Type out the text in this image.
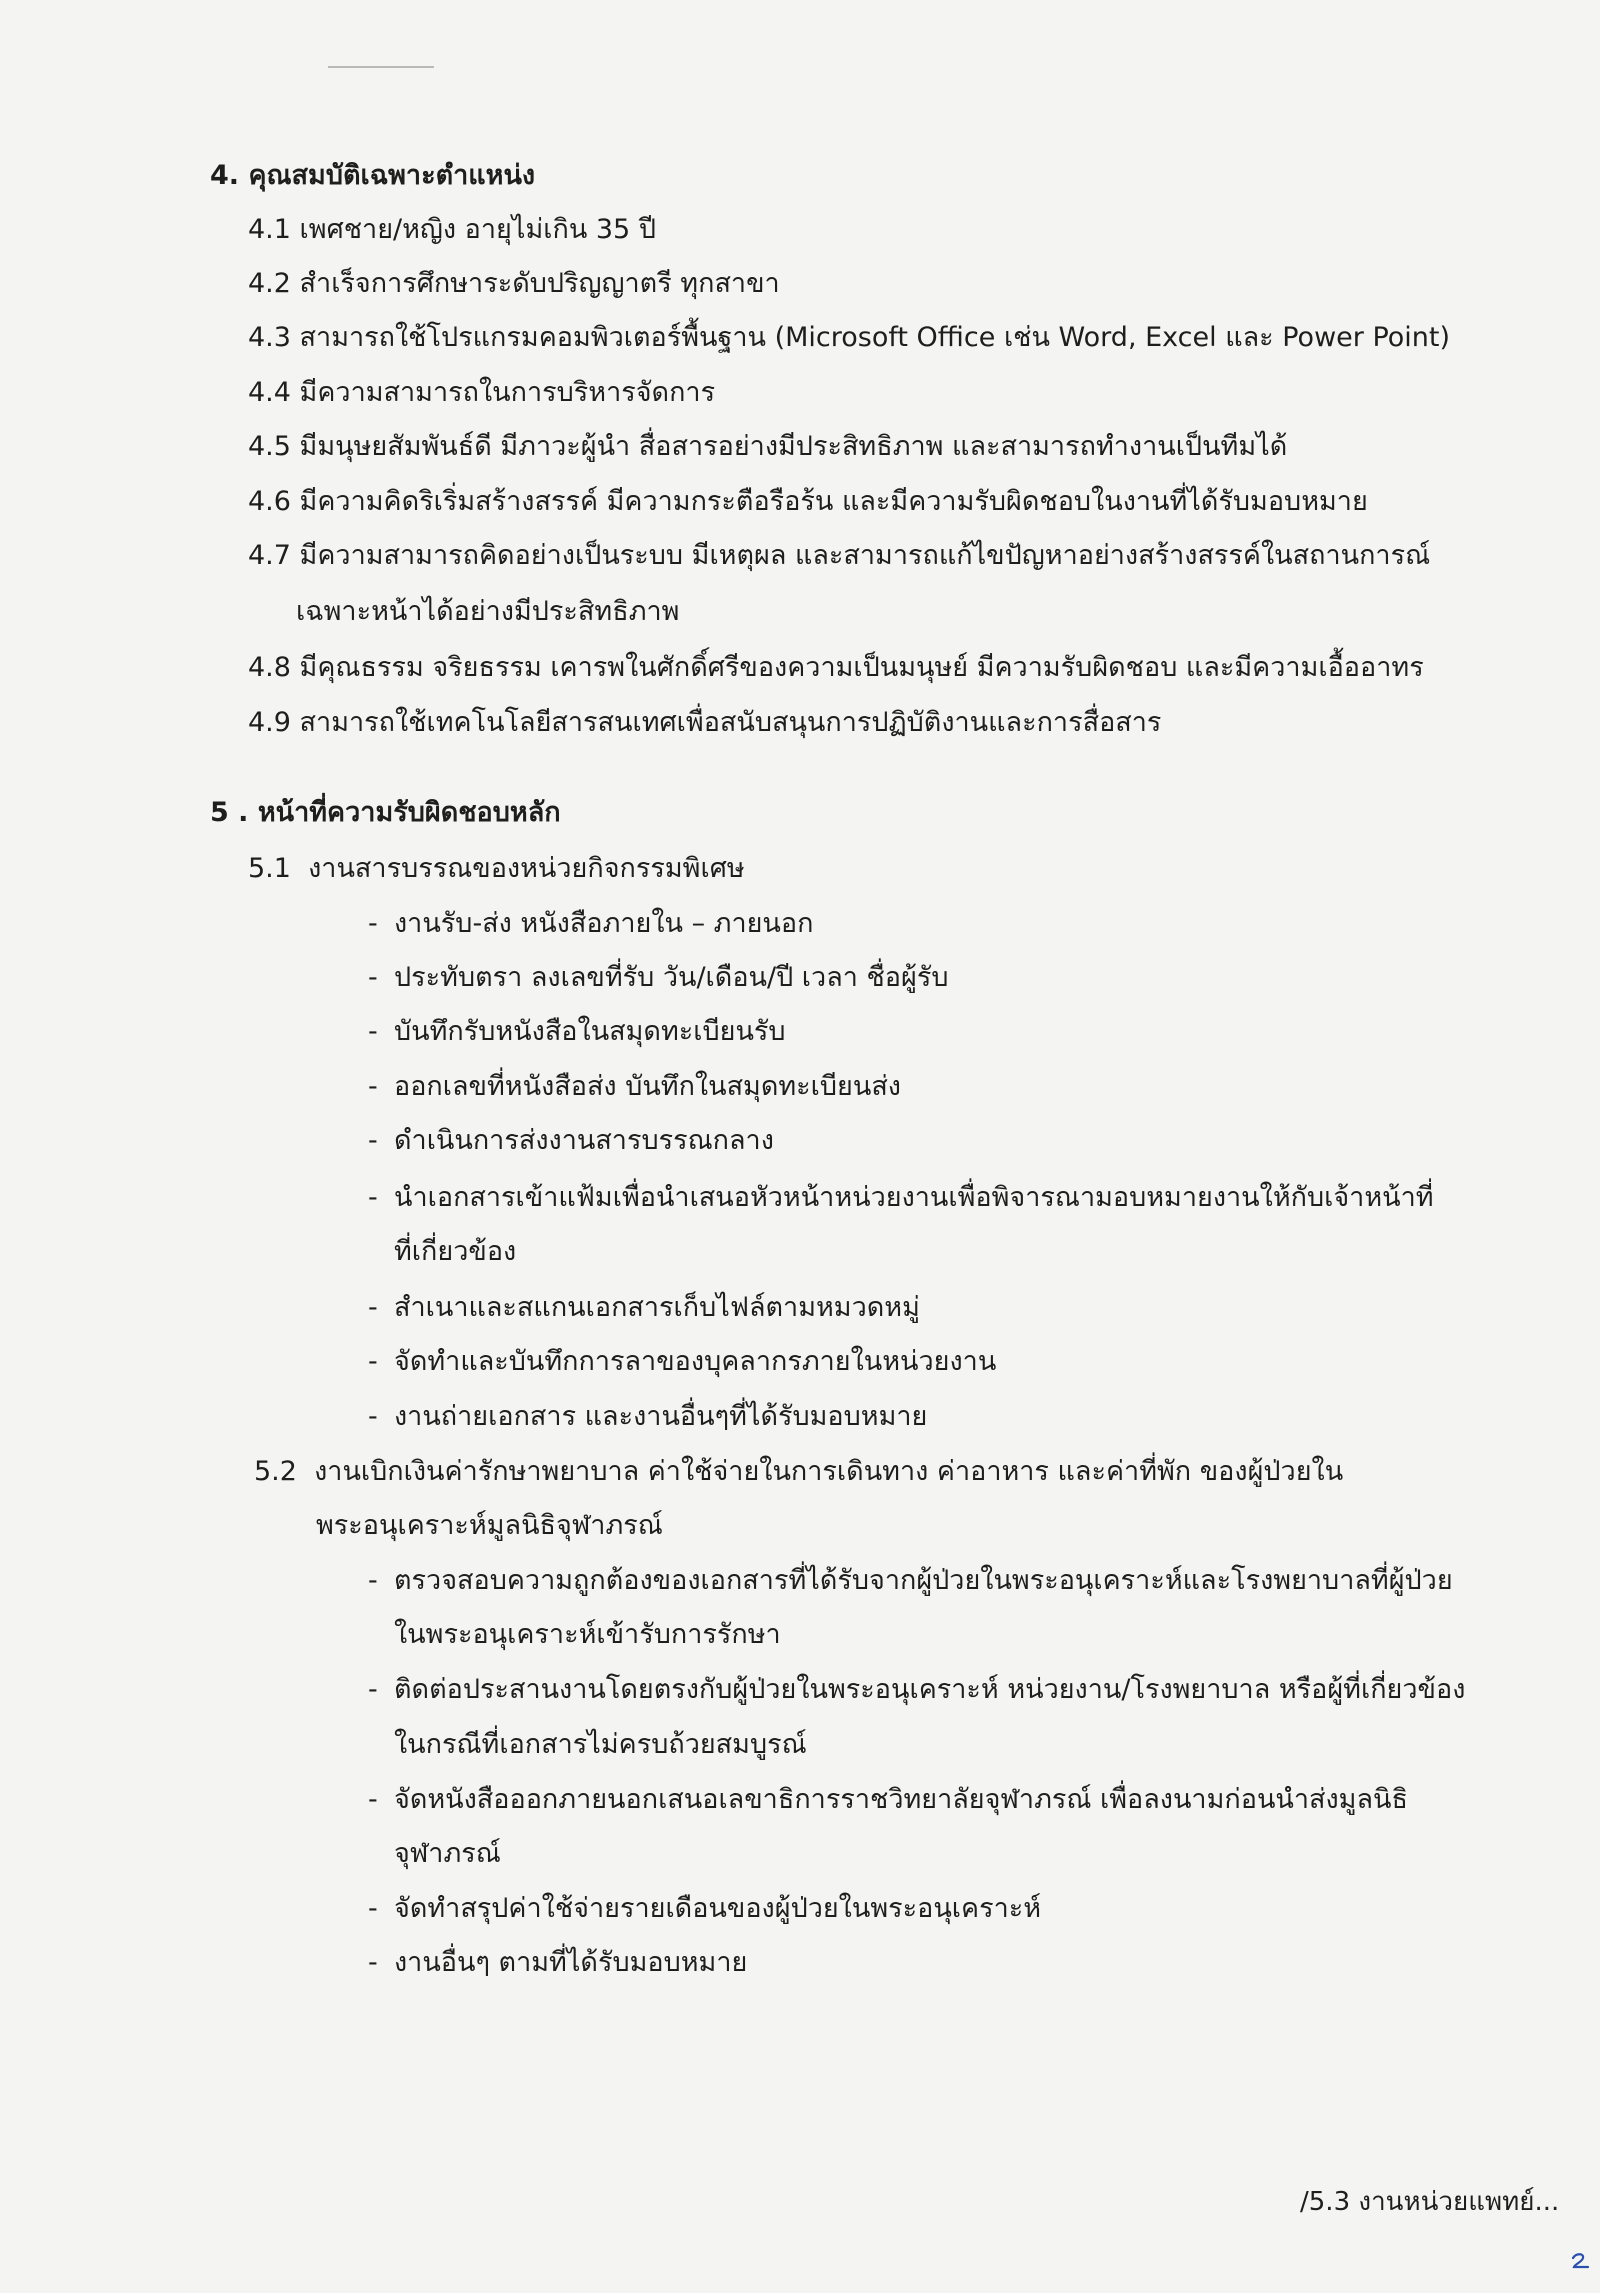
4. คุณสมบัติเฉพาะตำแหน่ง
4.1 เพศชาย/หญิง อายุไม่เกิน 35 ปี
4.2 สำเร็จการศึกษาระดับปริญญาตรี ทุกสาขา
4.3 สามารถใช้โปรแกรมคอมพิวเตอร์พื้นฐาน (Microsoft Office เช่น Word, Excel และ Power Point)
4.4 มีความสามารถในการบริหารจัดการ
4.5 มีมนุษยสัมพันธ์ดี มีภาวะผู้นำ สื่อสารอย่างมีประสิทธิภาพ และสามารถทำงานเป็นทีมได้
4.6 มีความคิดริเริ่มสร้างสรรค์ มีความกระตือรือร้น และมีความรับผิดชอบในงานที่ได้รับมอบหมาย
4.7 มีความสามารถคิดอย่างเป็นระบบ มีเหตุผล และสามารถแก้ไขปัญหาอย่างสร้างสรรค์ในสถานการณ์
เฉพาะหน้าได้อย่างมีประสิทธิภาพ
4.8 มีคุณธรรม จริยธรรม เคารพในศักดิ์ศรีของความเป็นมนุษย์ มีความรับผิดชอบ และมีความเอื้ออาทร
4.9 สามารถใช้เทคโนโลยีสารสนเทศเพื่อสนับสนุนการปฏิบัติงานและการสื่อสาร
5 . หน้าที่ความรับผิดชอบหลัก
5.1 งานสารบรรณของหน่วยกิจกรรมพิเศษ
- งานรับ-ส่ง หนังสือภายใน – ภายนอก
- ประทับตรา ลงเลขที่รับ วัน/เดือน/ปี เวลา ชื่อผู้รับ
- บันทึกรับหนังสือในสมุดทะเบียนรับ
- ออกเลขที่หนังสือส่ง บันทึกในสมุดทะเบียนส่ง
- ดำเนินการส่งงานสารบรรณกลาง
- นำเอกสารเข้าแฟ้มเพื่อนำเสนอหัวหน้าหน่วยงานเพื่อพิจารณามอบหมายงานให้กับเจ้าหน้าที่
ที่เกี่ยวข้อง
- สำเนาและสแกนเอกสารเก็บไฟล์ตามหมวดหมู่
- จัดทำและบันทึกการลาของบุคลากรภายในหน่วยงาน
- งานถ่ายเอกสาร และงานอื่นๆที่ได้รับมอบหมาย
5.2 งานเบิกเงินค่ารักษาพยาบาล ค่าใช้จ่ายในการเดินทาง ค่าอาหาร และค่าที่พัก ของผู้ป่วยใน
พระอนุเคราะห์มูลนิธิจุฬาภรณ์
- ตรวจสอบความถูกต้องของเอกสารที่ได้รับจากผู้ป่วยในพระอนุเคราะห์และโรงพยาบาลที่ผู้ป่วย
ในพระอนุเคราะห์เข้ารับการรักษา
- ติดต่อประสานงานโดยตรงกับผู้ป่วยในพระอนุเคราะห์ หน่วยงาน/โรงพยาบาล หรือผู้ที่เกี่ยวข้อง
ในกรณีที่เอกสารไม่ครบถ้วยสมบูรณ์
- จัดหนังสือออกภายนอกเสนอเลขาธิการราชวิทยาลัยจุฬาภรณ์ เพื่อลงนามก่อนนำส่งมูลนิธิ
จุฬาภรณ์
- จัดทำสรุปค่าใช้จ่ายรายเดือนของผู้ป่วยในพระอนุเคราะห์
- งานอื่นๆ ตามที่ได้รับมอบหมาย
/5.3 งานหน่วยแพทย์...
